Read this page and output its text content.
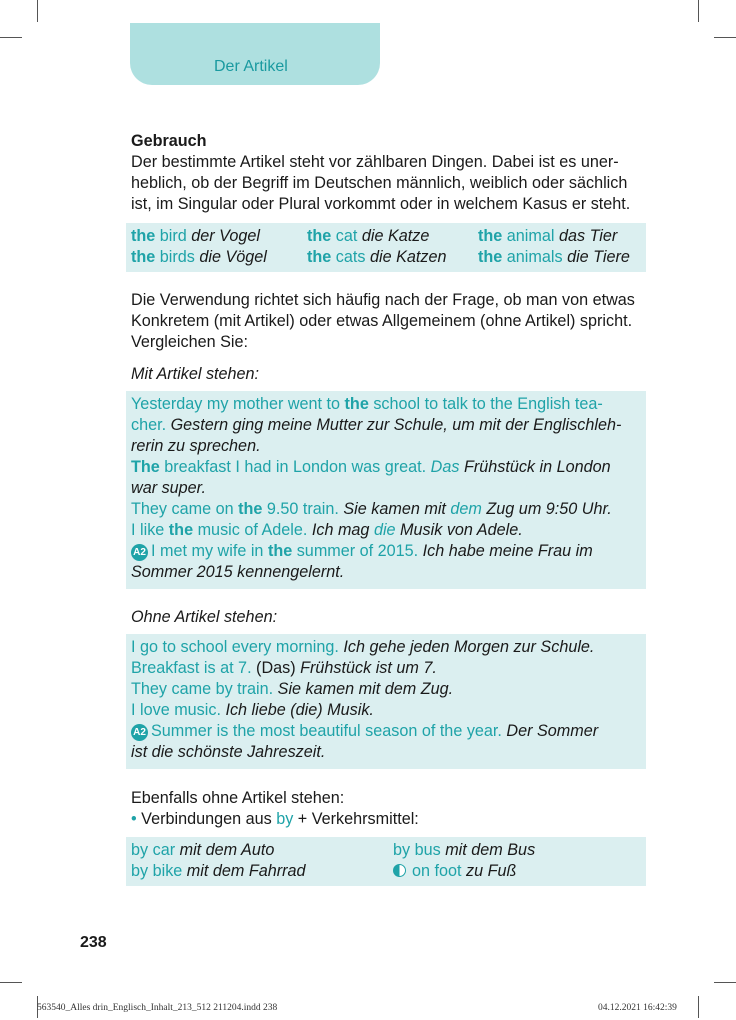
Der Artikel
Gebrauch
Der bestimmte Artikel steht vor zählbaren Dingen. Dabei ist es uner-
heblich, ob der Begriff im Deutschen männlich, weiblich oder sächlich
ist, im Singular oder Plural vorkommt oder in welchem Kasus er steht.
the bird der Vogel	the cat die Katze	the animal das Tier
the birds die Vögel	the cats die Katzen	the animals die Tiere
Die Verwendung richtet sich häufig nach der Frage, ob man von etwas
Konkretem (mit Artikel) oder etwas Allgemeinem (ohne Artikel) spricht.
Vergleichen Sie:
Mit Artikel stehen:
Yesterday my mother went to the school to talk to the English tea-
cher. Gestern ging meine Mutter zur Schule, um mit der Englischleh-
rerin zu sprechen.
The breakfast I had in London was great. Das Frühstück in London
war super.
They came on the 9.50 train. Sie kamen mit dem Zug um 9:50 Uhr.
I like the music of Adele. Ich mag die Musik von Adele.
A2 I met my wife in the summer of 2015. Ich habe meine Frau im
Sommer 2015 kennengelernt.
Ohne Artikel stehen:
I go to school every morning. Ich gehe jeden Morgen zur Schule.
Breakfast is at 7. (Das) Frühstück ist um 7.
They came by train. Sie kamen mit dem Zug.
I love music. Ich liebe (die) Musik.
A2 Summer is the most beautiful season of the year. Der Sommer
ist die schönste Jahreszeit.
Ebenfalls ohne Artikel stehen:
• Verbindungen aus by + Verkehrsmittel:
by car mit dem Auto	by bus mit dem Bus
by bike mit dem Fahrrad	on foot zu Fuß
238
563540_Alles drin_Englisch_Inhalt_213_512 211204.indd 238	04.12.2021 16:42:39
